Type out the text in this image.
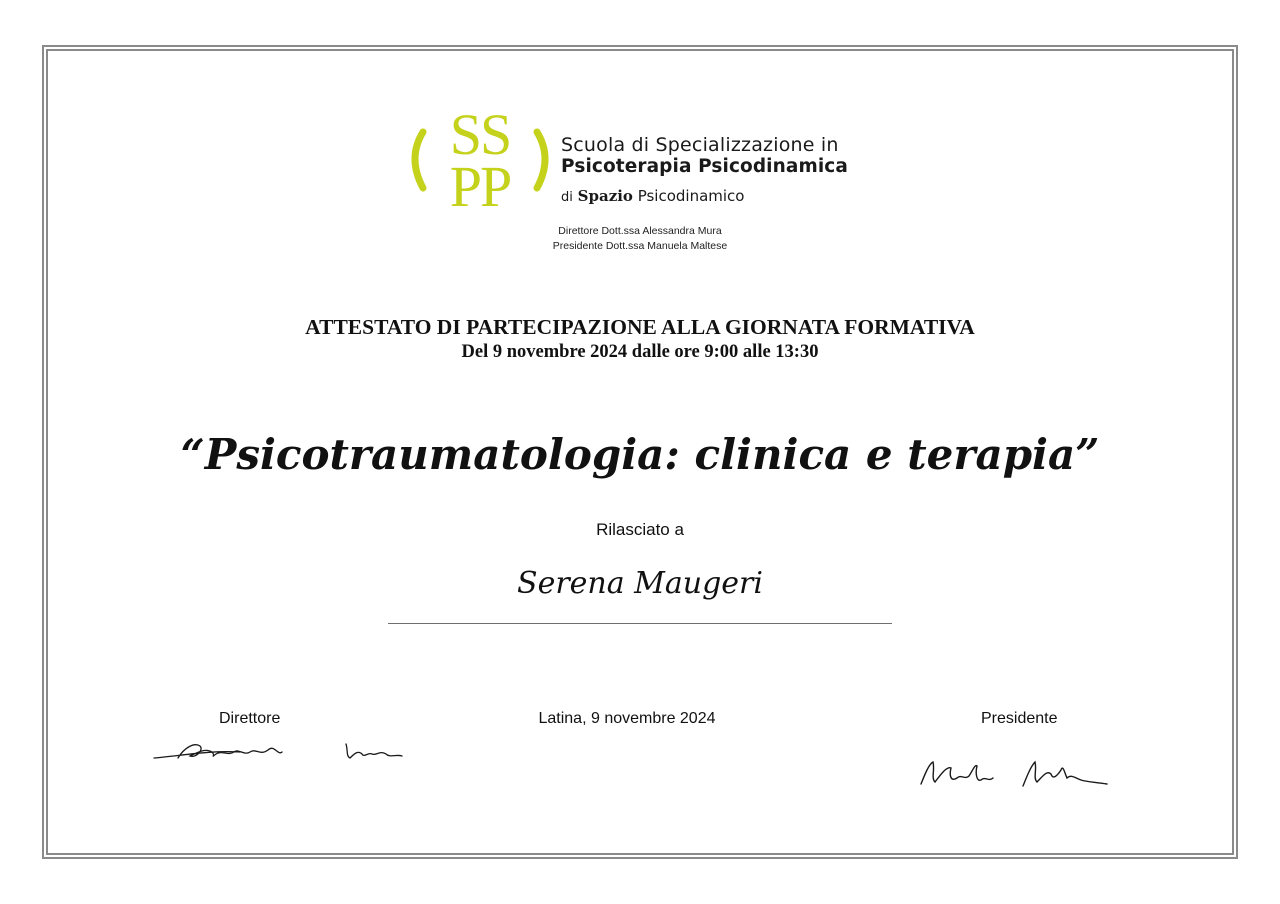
SS
PP
Scuola di Specializzazione in
Psicoterapia Psicodinamica
di Spazio Psicodinamico
Direttore Dott.ssa Alessandra Mura
Presidente Dott.ssa Manuela Maltese
ATTESTATO DI PARTECIPAZIONE ALLA GIORNATA FORMATIVA
Del 9 novembre 2024 dalle ore 9:00 alle 13:30
“Psicotraumatologia: clinica e terapia”
Rilasciato a
Serena Maugeri
Direttore	Latina, 9 novembre 2024	Presidente
